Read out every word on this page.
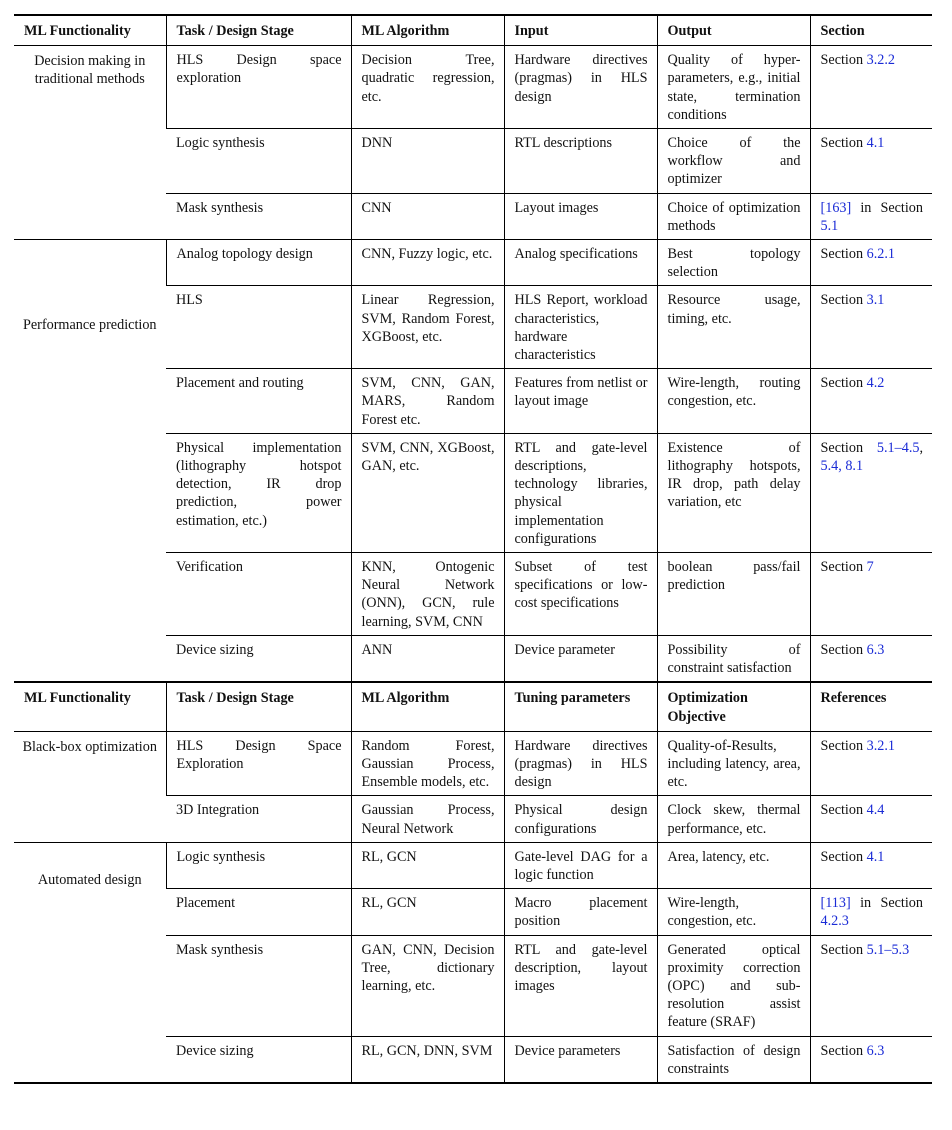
ML Functionality	Task / Design Stage	ML Algorithm	Input	Output	Section
Decision making in traditional methods	HLS Design space exploration	Decision Tree, quadratic regression, etc.	Hardware directives (pragmas) in HLS design	Quality of hyper-parameters, e.g., initial state, termination conditions	Section 3.2.2
	Logic synthesis	DNN	RTL descriptions	Choice of the workflow and optimizer	Section 4.1
	Mask synthesis	CNN	Layout images	Choice of optimization methods	[163] in Section 5.1
Performance prediction	Analog topology design	CNN, Fuzzy logic, etc.	Analog specifications	Best topology selection	Section 6.2.1
	HLS	Linear Regression, SVM, Random Forest, XGBoost, etc.	HLS Report, workload characteristics, hardware characteristics	Resource usage, timing, etc.	Section 3.1
	Placement and routing	SVM, CNN, GAN, MARS, Random Forest etc.	Features from netlist or layout image	Wire-length, routing congestion, etc.	Section 4.2
	Physical implementation (lithography hotspot detection, IR drop prediction, power estimation, etc.)	SVM, CNN, XGBoost, GAN, etc.	RTL and gate-level descriptions, technology libraries, physical implementation configurations	Existence of lithography hotspots, IR drop, path delay variation, etc	Section 5.1–4.5, 5.4, 8.1
	Verification	KNN, Ontogenic Neural Network (ONN), GCN, rule learning, SVM, CNN	Subset of test specifications or low-cost specifications	boolean pass/fail prediction	Section 7
	Device sizing	ANN	Device parameter	Possibility of constraint satisfaction	Section 6.3
ML Functionality	Task / Design Stage	ML Algorithm	Tuning parameters	Optimization Objective	References
Black-box optimization	HLS Design Space Exploration	Random Forest, Gaussian Process, Ensemble models, etc.	Hardware directives (pragmas) in HLS design	Quality-of-Results, including latency, area, etc.	Section 3.2.1
	3D Integration	Gaussian Process, Neural Network	Physical design configurations	Clock skew, thermal performance, etc.	Section 4.4
Automated design	Logic synthesis	RL, GCN	Gate-level DAG for a logic function	Area, latency, etc.	Section 4.1
	Placement	RL, GCN	Macro placement position	Wire-length, congestion, etc.	[113] in Section 4.2.3
	Mask synthesis	GAN, CNN, Decision Tree, dictionary learning, etc.	RTL and gate-level description, layout images	Generated optical proximity correction (OPC) and sub-resolution assist feature (SRAF)	Section 5.1–5.3
	Device sizing	RL, GCN, DNN, SVM	Device parameters	Satisfaction of design constraints	Section 6.3
